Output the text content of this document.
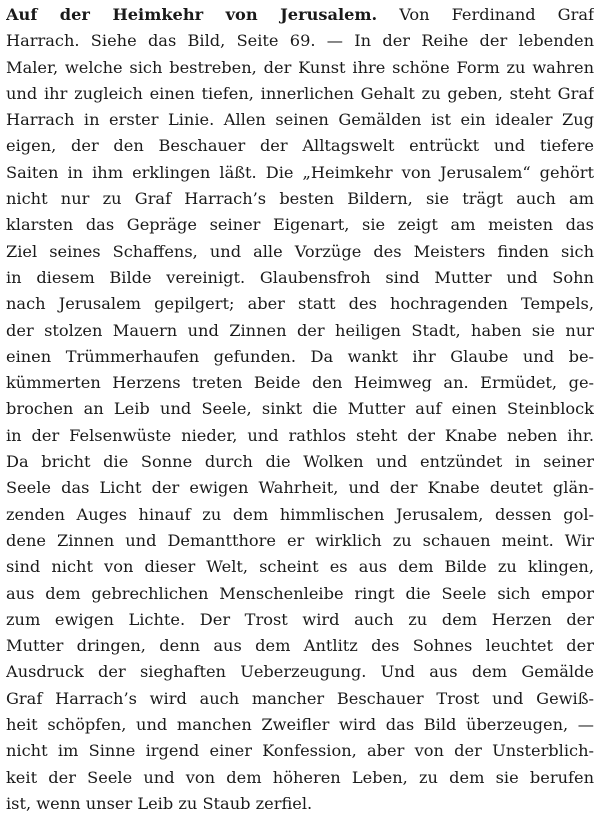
Auf der Heimkehr von Jerusalem. Von Ferdinand Graf
Harrach. Siehe das Bild, Seite 69. — In der Reihe der lebenden
Maler, welche sich bestreben, der Kunst ihre schöne Form zu wahren
und ihr zugleich einen tiefen, innerlichen Gehalt zu geben, steht Graf
Harrach in erster Linie. Allen seinen Gemälden ist ein idealer Zug
eigen, der den Beschauer der Alltagswelt entrückt und tiefere
Saiten in ihm erklingen läßt. Die „Heimkehr von Jerusalem“ gehört
nicht nur zu Graf Harrach’s besten Bildern, sie trägt auch am
klarsten das Gepräge seiner Eigenart, sie zeigt am meisten das
Ziel seines Schaffens, und alle Vorzüge des Meisters finden sich
in diesem Bilde vereinigt. Glaubensfroh sind Mutter und Sohn
nach Jerusalem gepilgert; aber statt des hochragenden Tempels,
der stolzen Mauern und Zinnen der heiligen Stadt, haben sie nur
einen Trümmerhaufen gefunden. Da wankt ihr Glaube und be-
kümmerten Herzens treten Beide den Heimweg an. Ermüdet, ge-
brochen an Leib und Seele, sinkt die Mutter auf einen Steinblock
in der Felsenwüste nieder, und rathlos steht der Knabe neben ihr.
Da bricht die Sonne durch die Wolken und entzündet in seiner
Seele das Licht der ewigen Wahrheit, und der Knabe deutet glän-
zenden Auges hinauf zu dem himmlischen Jerusalem, dessen gol-
dene Zinnen und Demantthore er wirklich zu schauen meint. Wir
sind nicht von dieser Welt, scheint es aus dem Bilde zu klingen,
aus dem gebrechlichen Menschenleibe ringt die Seele sich empor
zum ewigen Lichte. Der Trost wird auch zu dem Herzen der
Mutter dringen, denn aus dem Antlitz des Sohnes leuchtet der
Ausdruck der sieghaften Ueberzeugung. Und aus dem Gemälde
Graf Harrach’s wird auch mancher Beschauer Trost und Gewiß-
heit schöpfen, und manchen Zweifler wird das Bild überzeugen, —
nicht im Sinne irgend einer Konfession, aber von der Unsterblich-
keit der Seele und von dem höheren Leben, zu dem sie berufen
ist, wenn unser Leib zu Staub zerfiel.
